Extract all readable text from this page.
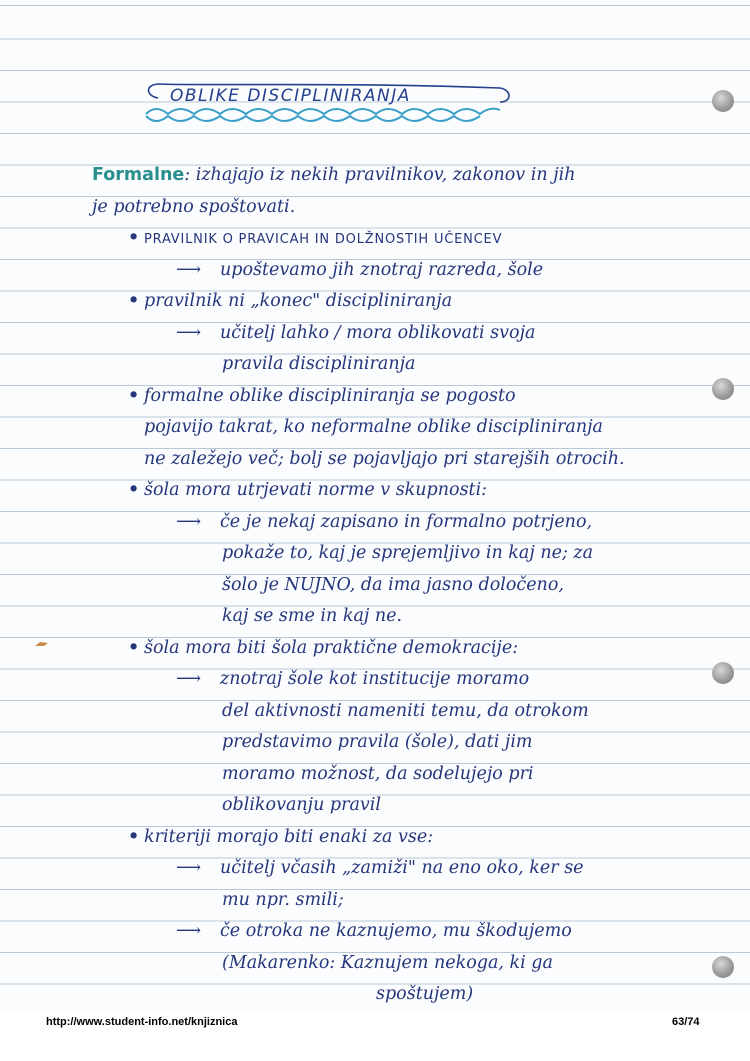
OBLIKE DISCIPLINIRANJA
Formalne: izhajajo iz nekih pravilnikov, zakonov in jih
je potrebno spoštovati.
• PRAVILNIK O PRAVICAH IN DOLŽNOSTIH UČENCEV
⟶ upoštevamo jih znotraj razreda, šole
• pravilnik ni „konec" discipliniranja
⟶ učitelj lahko / mora oblikovati svoja
pravila discipliniranja
• formalne oblike discipliniranja se pogosto
pojavijo takrat, ko neformalne oblike discipliniranja
ne zaležejo več; bolj se pojavljajo pri starejših otrocih.
• šola mora utrjevati norme v skupnosti:
⟶ če je nekaj zapisano in formalno potrjeno,
pokaže to, kaj je sprejemljivo in kaj ne; za
šolo je NUJNO, da ima jasno določeno,
kaj se sme in kaj ne.
• šola mora biti šola praktične demokracije:
⟶ znotraj šole kot institucije moramo
del aktivnosti nameniti temu, da otrokom
predstavimo pravila (šole), dati jim
moramo možnost, da sodelujejo pri
oblikovanju pravil
• kriteriji morajo biti enaki za vse:
⟶ učitelj včasih „zamiži" na eno oko, ker se
mu npr. smili;
⟶ če otroka ne kaznujemo, mu škodujemo
(Makarenko: Kaznujem nekoga, ki ga
spoštujem)
http://www.student-info.net/knjiznica	63/74
